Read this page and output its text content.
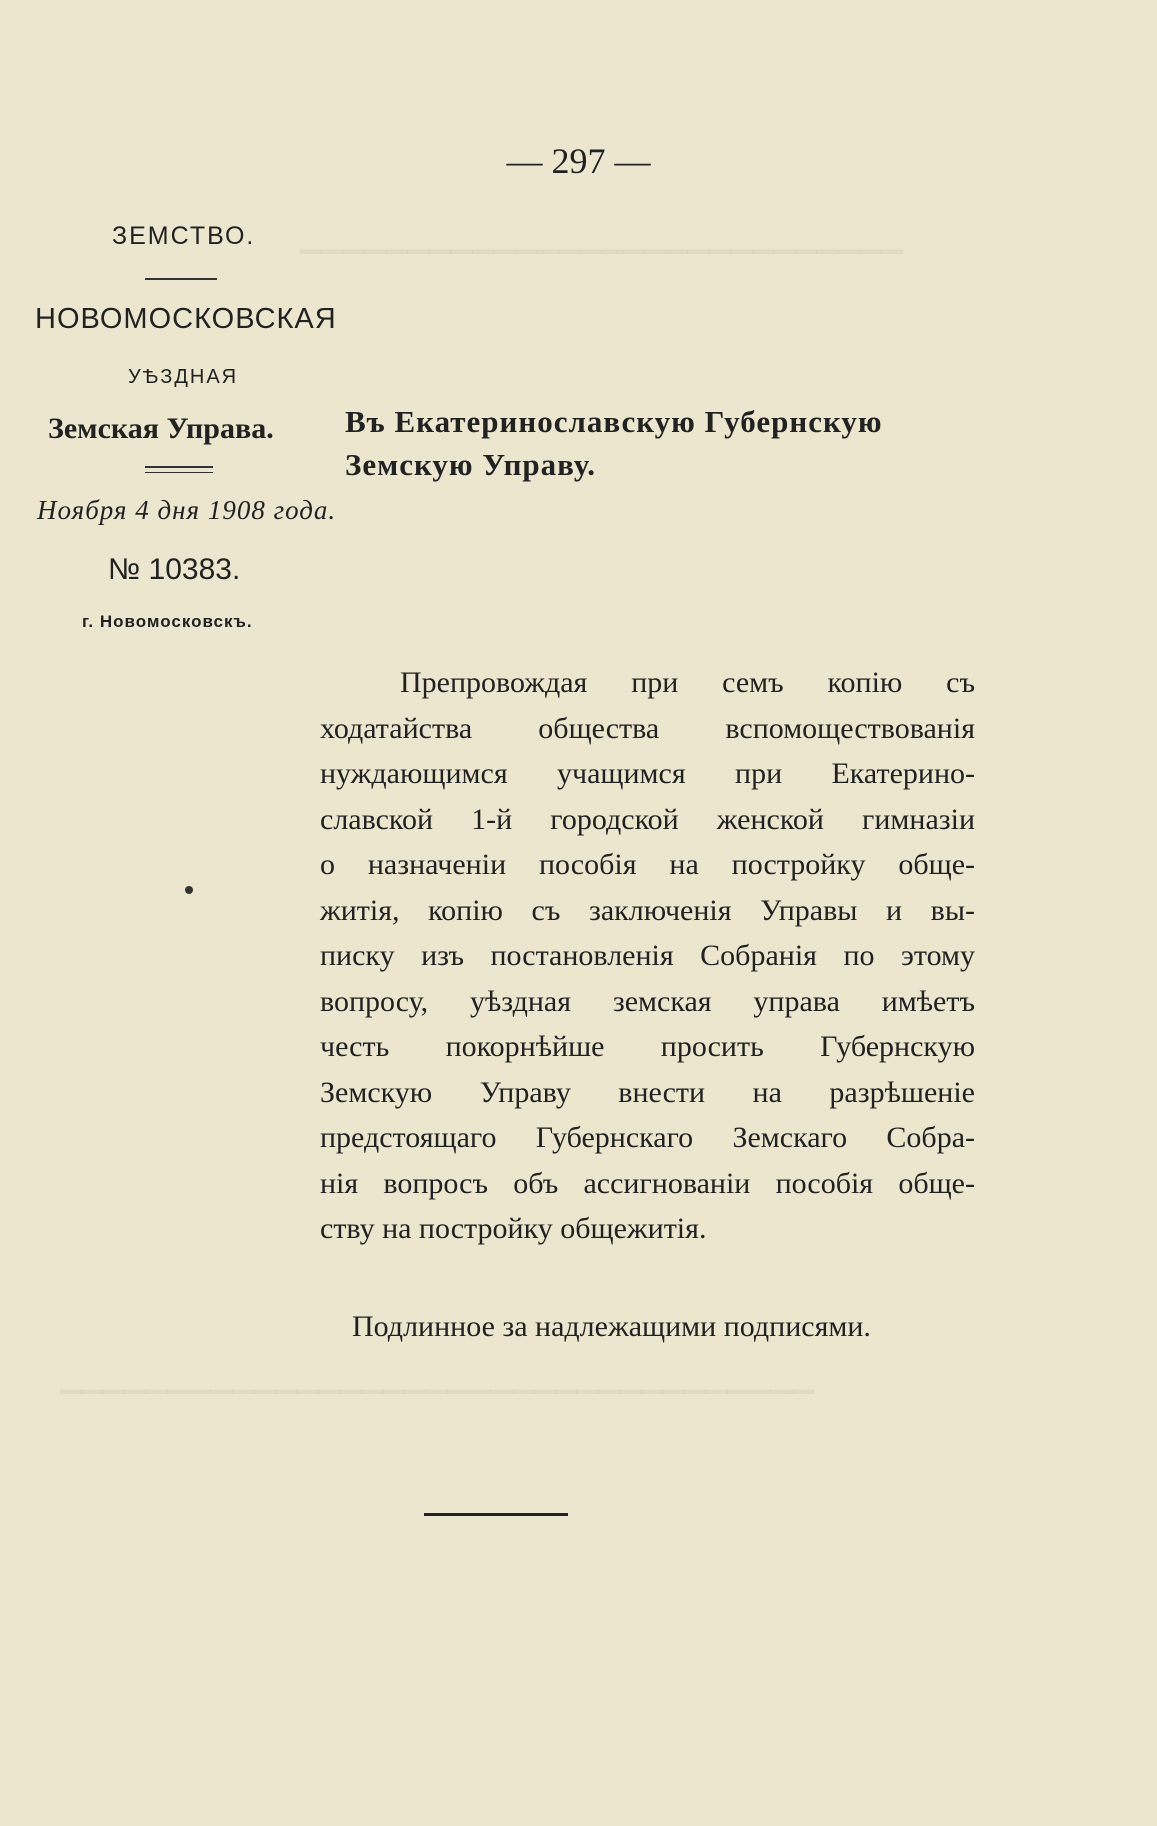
▔▔▔▔▔▔▔▔▔▔▔▔▔▔▔▔▔▔▔▔▔▔▔▔▔▔▔▔
▔▔▔▔▔▔▔▔▔▔▔▔▔▔▔▔▔▔▔▔▔▔▔▔▔▔▔▔▔▔▔▔▔▔▔
— 297 —
ЗЕМСТВО.
НОВОМОСКОВСКАЯ
УѢЗДНАЯ
Земская Управа.
Ноября 4 дня 1908 года.
№ 10383.
г. Новомосковскъ.
Въ Екатеринославскую Губернскую
Земскую Управу.
Препровождая при семъ копію съ
ходатайства общества вспомоществованія
нуждающимся учащимся при Екатерино-
славской 1-й городской женской гимназіи
о назначеніи пособія на постройку обще-
житія, копію съ заключенія Управы и вы-
писку изъ постановленія Собранія по этому
вопросу, уѣздная земская управа имѣетъ
честь покорнѣйше просить Губернскую
Земскую Управу внести на разрѣшеніе
предстоящаго Губернскаго Земскаго Собра-
нія вопросъ объ ассигнованіи пособія обще-
ству на постройку общежитія.
Подлинное за надлежащими подписями.
